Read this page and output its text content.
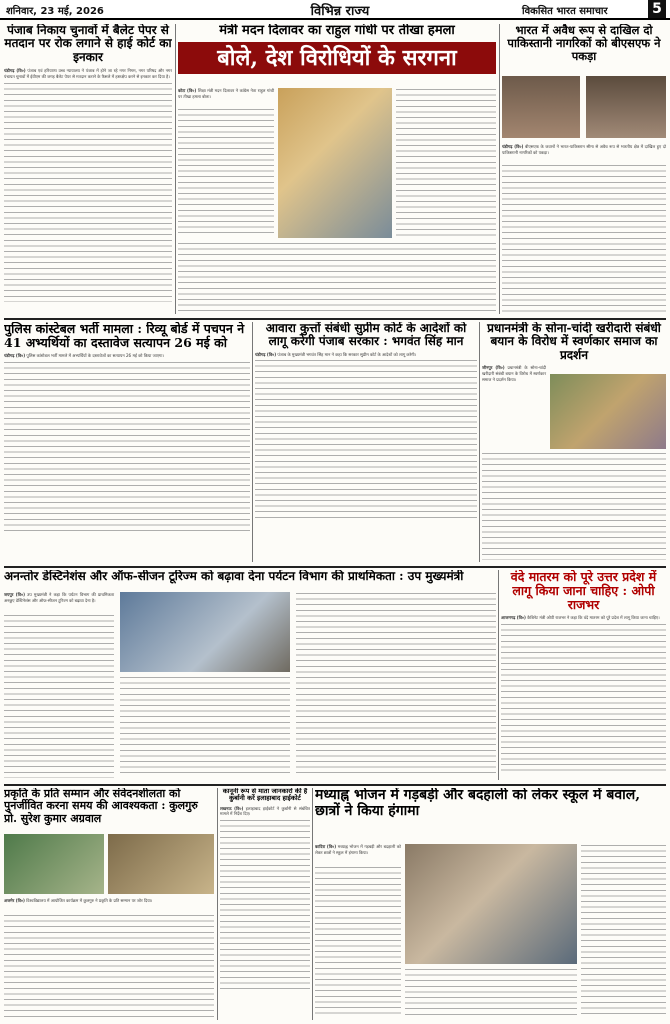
शनिवार, 23 मई, 2026	विभिन्न राज्य	विकसित भारत समाचार	5
पंजाब निकाय चुनावों में बैलेट पेपर से मतदान पर रोक लगाने से हाई कोर्ट का इनकार
चंडीगढ़ (वि०) पंजाब एवं हरियाणा उच्च न्यायालय ने पंजाब में होने जा रहे नगर निगम, नगर परिषद और नगर पंचायत चुनावों में ईवीएम की जगह बैलेट पेपर से मतदान कराने के फैसले में हस्तक्षेप करने से इनकार कर दिया है।
मंत्री मदन दिलावर का राहुल गांधी पर तीखा हमला
बोले, देश विरोधियों के सरगना
कोटा (वि०) शिक्षा मंत्री मदन दिलावर ने कांग्रेस नेता राहुल गांधी पर तीखा हमला बोला।
भारत में अवैध रूप से दाखिल दो पाकिस्तानी नागरिकों को बीएसएफ ने पकड़ा
चंडीगढ़ (वि०) बीएसएफ के जवानों ने भारत-पाकिस्तान सीमा से अवैध रूप से भारतीय क्षेत्र में दाखिल हुए दो पाकिस्तानी नागरिकों को पकड़ा।
पुलिस कांस्टेबल भर्ती मामला : रिव्यू बोर्ड में पचपन ने 41 अभ्यर्थियों का दस्तावेज सत्यापन 26 मई को
चंडीगढ़ (वि०) पुलिस कांस्टेबल भर्ती मामले में अभ्यर्थियों के दस्तावेजों का सत्यापन 26 मई को किया जाएगा।
आवारा कुत्तों संबंधी सुप्रीम कोर्ट के आदेशों को लागू करेगी पंजाब सरकार : भगवंत सिंह मान
चंडीगढ़ (वि०) पंजाब के मुख्यमंत्री भगवंत सिंह मान ने कहा कि सरकार सुप्रीम कोर्ट के आदेशों को लागू करेगी।
प्रधानमंत्री के सोना-चांदी खरीदारी संबंधी बयान के विरोध में स्वर्णकार समाज का प्रदर्शन
जीनपुर (वि०) प्रधानमंत्री के सोना-चांदी खरीदारी संबंधी बयान के विरोध में स्वर्णकार समाज ने प्रदर्शन किया।
अनन्तोर डेस्टिनेशंस और ऑफ-सीजन टूरिज्म को बढ़ावा देना पर्यटन विभाग की प्राथमिकता : उप मुख्यमंत्री
जयपुर (वि०) उप मुख्यमंत्री ने कहा कि पर्यटन विभाग की प्राथमिकता अनछुए डेस्टिनेशंस और ऑफ-सीजन टूरिज्म को बढ़ावा देना है।
वंदे मातरम को पूरे उत्तर प्रदेश में लागू किया जाना चाहिए : ओपी राजभर
आजमगढ़ (वि०) कैबिनेट मंत्री ओपी राजभर ने कहा कि वंदे मातरम को पूरे प्रदेश में लागू किया जाना चाहिए।
प्रकृति के प्रति सम्मान और संवेदनशीलता को पुनर्जीवित करना समय की आवश्यकता : कुलगुरु प्रो. सुरेश कुमार अग्रवाल
अजमेर (वि०) विश्वविद्यालय में आयोजित कार्यक्रम में कुलगुरु ने प्रकृति के प्रति सम्मान पर जोर दिया।
कानूनी रूप से माता जानकारों की है कुर्बानी करें इलाहाबाद हाईकोर्ट
लखनऊ (वि०) इलाहाबाद हाईकोर्ट ने कुर्बानी से संबंधित मामले में निर्देश दिए।
मध्याह्न भोजन में गड़बड़ी और बदहाली को लेकर स्कूल में बवाल, छात्रों ने किया हंगामा
कादिरा (वि०) मध्याह्न भोजन में गड़बड़ी और बदहाली को लेकर छात्रों ने स्कूल में हंगामा किया।
